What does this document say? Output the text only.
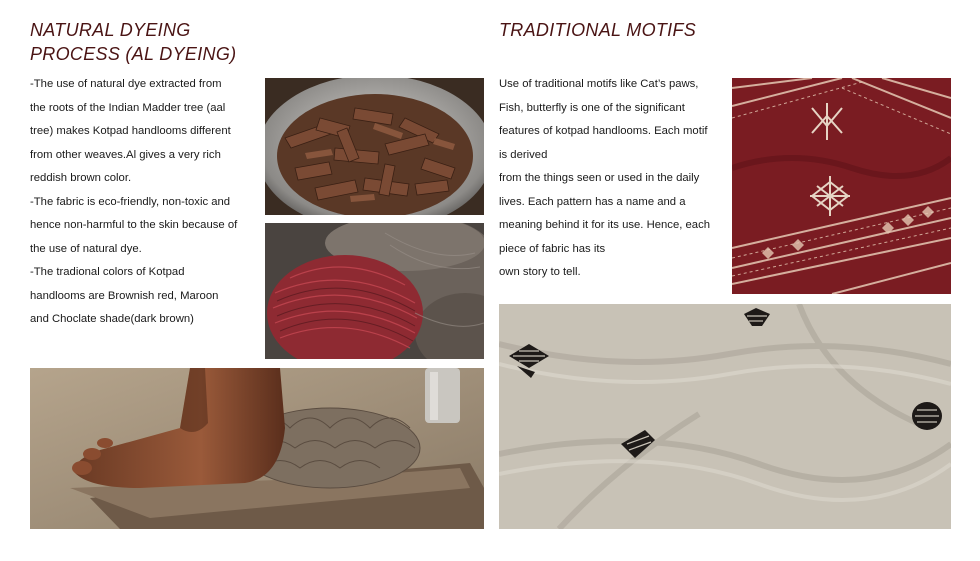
NATURAL DYEING
PROCESS (AL DYEING)
-The use of natural dye extracted from
the roots of the Indian Madder tree (aal
tree) makes Kotpad handlooms different
from other weaves.Al gives a very rich
reddish brown color.
-The fabric is eco-friendly, non-toxic and
hence non-harmful to the skin because of
the use of natural dye.
-The tradional colors of Kotpad
handlooms are Brownish red, Maroon
and Choclate shade(dark brown)
TRADITIONAL MOTIFS
Use of traditional motifs like Cat’s paws,
Fish, butterfly is one of the significant
features of kotpad handlooms. Each motif
is derived
from the things seen or used in the daily
lives. Each pattern has a name and a
meaning behind it for its use. Hence, each
piece of fabric has its
own story to tell.
